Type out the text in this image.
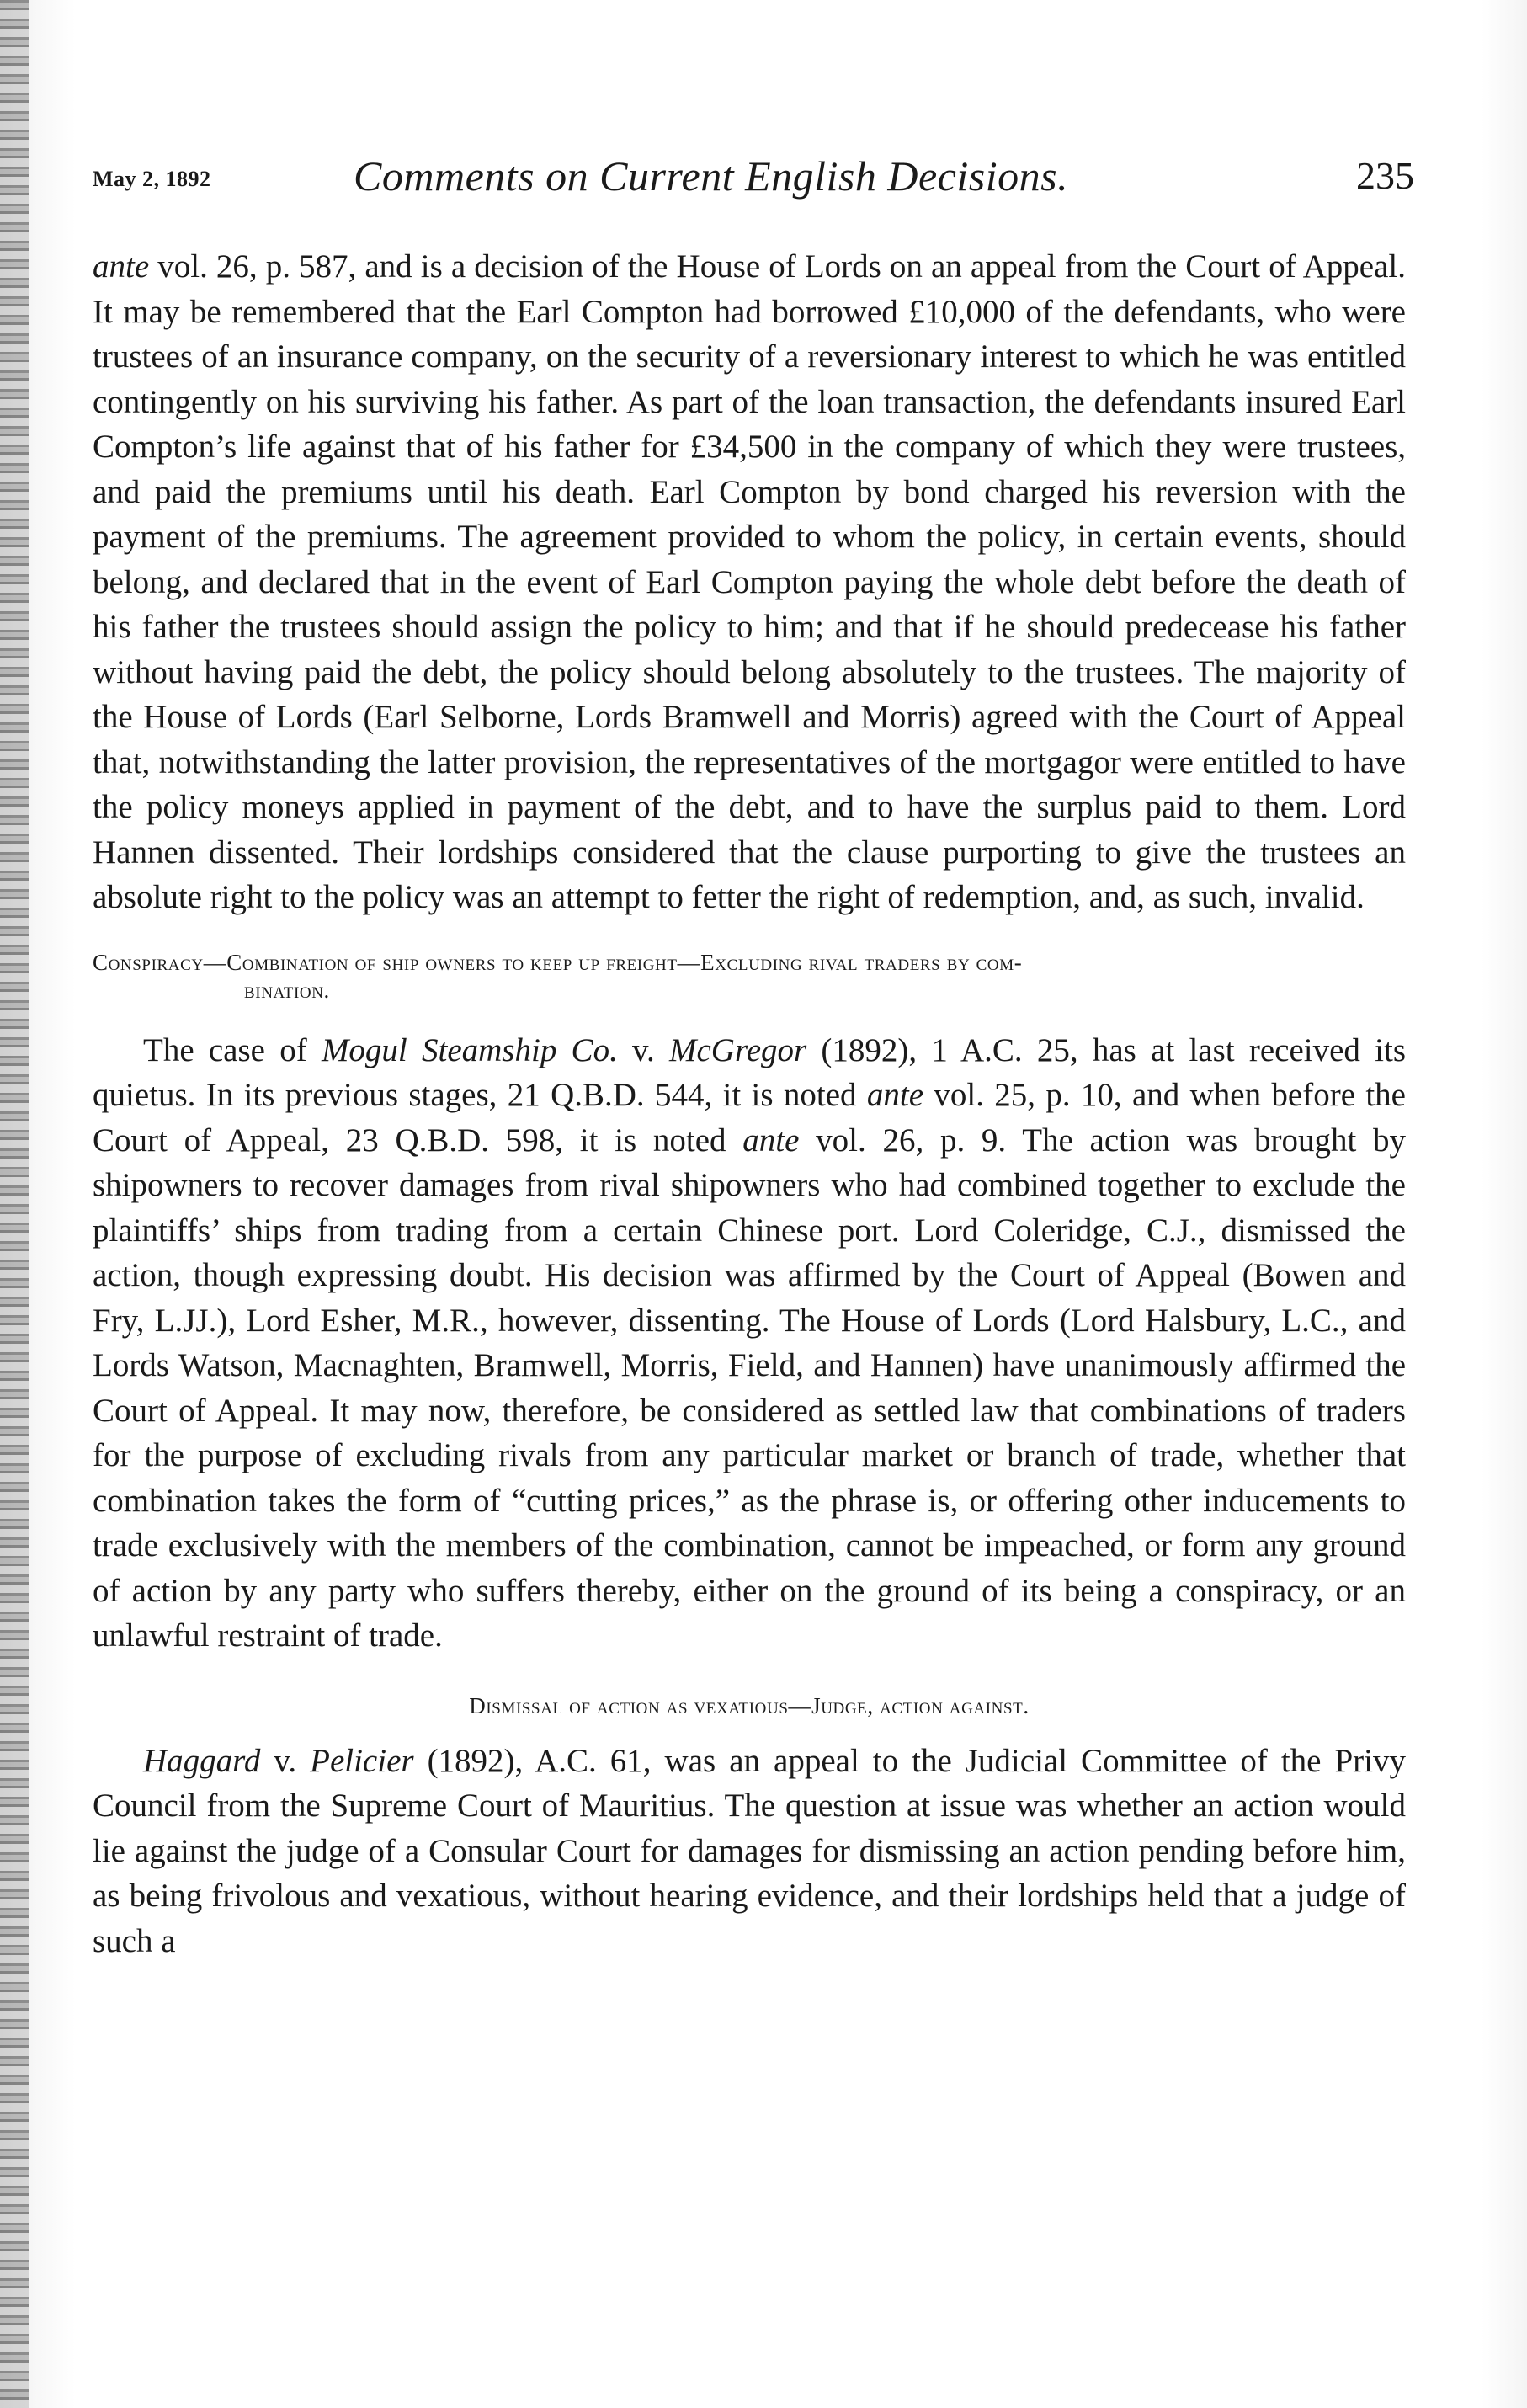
May 2, 1892	Comments on Current English Decisions.	235

ante vol. 26, p. 587, and is a decision of the House of Lords on an appeal from the Court of Appeal. It may be remembered that the Earl Compton had borrowed £10,000 of the defendants, who were trustees of an insurance company, on the security of a reversionary interest to which he was entitled contingently on his surviving his father. As part of the loan transaction, the defendants insured Earl Compton’s life against that of his father for £34,500 in the company of which they were trustees, and paid the premiums until his death. Earl Compton by bond charged his reversion with the payment of the premiums. The agreement provided to whom the policy, in certain events, should belong, and declared that in the event of Earl Compton paying the whole debt before the death of his father the trustees should assign the policy to him; and that if he should predecease his father without having paid the debt, the policy should belong absolutely to the trustees. The majority of the House of Lords (Earl Selborne, Lords Bramwell and Morris) agreed with the Court of Appeal that, notwithstanding the latter provision, the representatives of the mortgagor were entitled to have the policy moneys applied in payment of the debt, and to have the surplus paid to them. Lord Hannen dissented. Their lordships considered that the clause purporting to give the trustees an absolute right to the policy was an attempt to fetter the right of redemption, and, as such, invalid.

Conspiracy—Combination of ship owners to keep up freight—Excluding rival traders by com-
bination.

The case of Mogul Steamship Co. v. McGregor (1892), 1 A.C. 25, has at last received its quietus. In its previous stages, 21 Q.B.D. 544, it is noted ante vol. 25, p. 10, and when before the Court of Appeal, 23 Q.B.D. 598, it is noted ante vol. 26, p. 9. The action was brought by shipowners to recover damages from rival shipowners who had combined together to exclude the plaintiffs’ ships from trading from a certain Chinese port. Lord Coleridge, C.J., dismissed the action, though expressing doubt. His decision was affirmed by the Court of Appeal (Bowen and Fry, L.JJ.), Lord Esher, M.R., however, dissenting. The House of Lords (Lord Halsbury, L.C., and Lords Watson, Macnaghten, Bramwell, Morris, Field, and Hannen) have unanimously affirmed the Court of Appeal. It may now, therefore, be considered as settled law that combinations of traders for the purpose of excluding rivals from any particular market or branch of trade, whether that combination takes the form of “cutting prices,” as the phrase is, or offering other inducements to trade exclusively with the members of the combination, cannot be impeached, or form any ground of action by any party who suffers thereby, either on the ground of its being a conspiracy, or an unlawful restraint of trade.

Dismissal of action as vexatious—Judge, action against.

Haggard v. Pelicier (1892), A.C. 61, was an appeal to the Judicial Committee of the Privy Council from the Supreme Court of Mauritius. The question at issue was whether an action would lie against the judge of a Consular Court for damages for dismissing an action pending before him, as being frivolous and vexatious, without hearing evidence, and their lordships held that a judge of such a
